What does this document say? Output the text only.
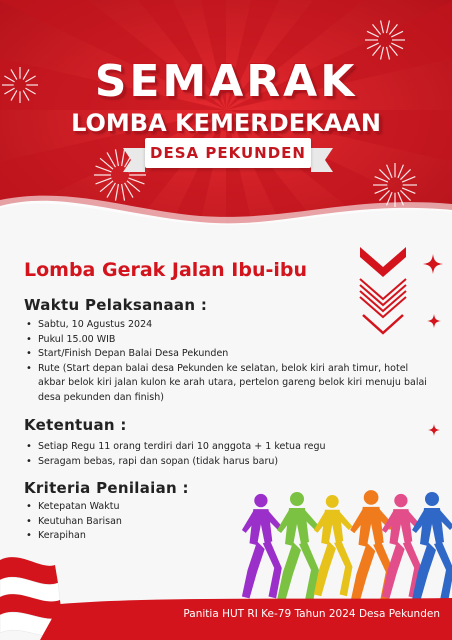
SEMARAK
LOMBA KEMERDEKAAN
DESA PEKUNDEN
Lomba Gerak Jalan Ibu-ibu
Waktu Pelaksanaan :
• Sabtu, 10 Agustus 2024
• Pukul 15.00 WIB
• Start/Finish Depan Balai Desa Pekunden
• Rute (Start depan balai desa Pekunden ke selatan, belok kiri arah timur, hotel akbar belok kiri jalan kulon ke arah utara, pertelon gareng belok kiri menuju balai desa pekunden dan finish)
Ketentuan :
• Setiap Regu 11 orang terdiri dari 10 anggota + 1 ketua regu
• Seragam bebas, rapi dan sopan (tidak harus baru)
Kriteria Penilaian :
• Ketepatan Waktu
• Keutuhan Barisan
• Kerapihan
Panitia HUT RI Ke-79 Tahun 2024 Desa Pekunden
